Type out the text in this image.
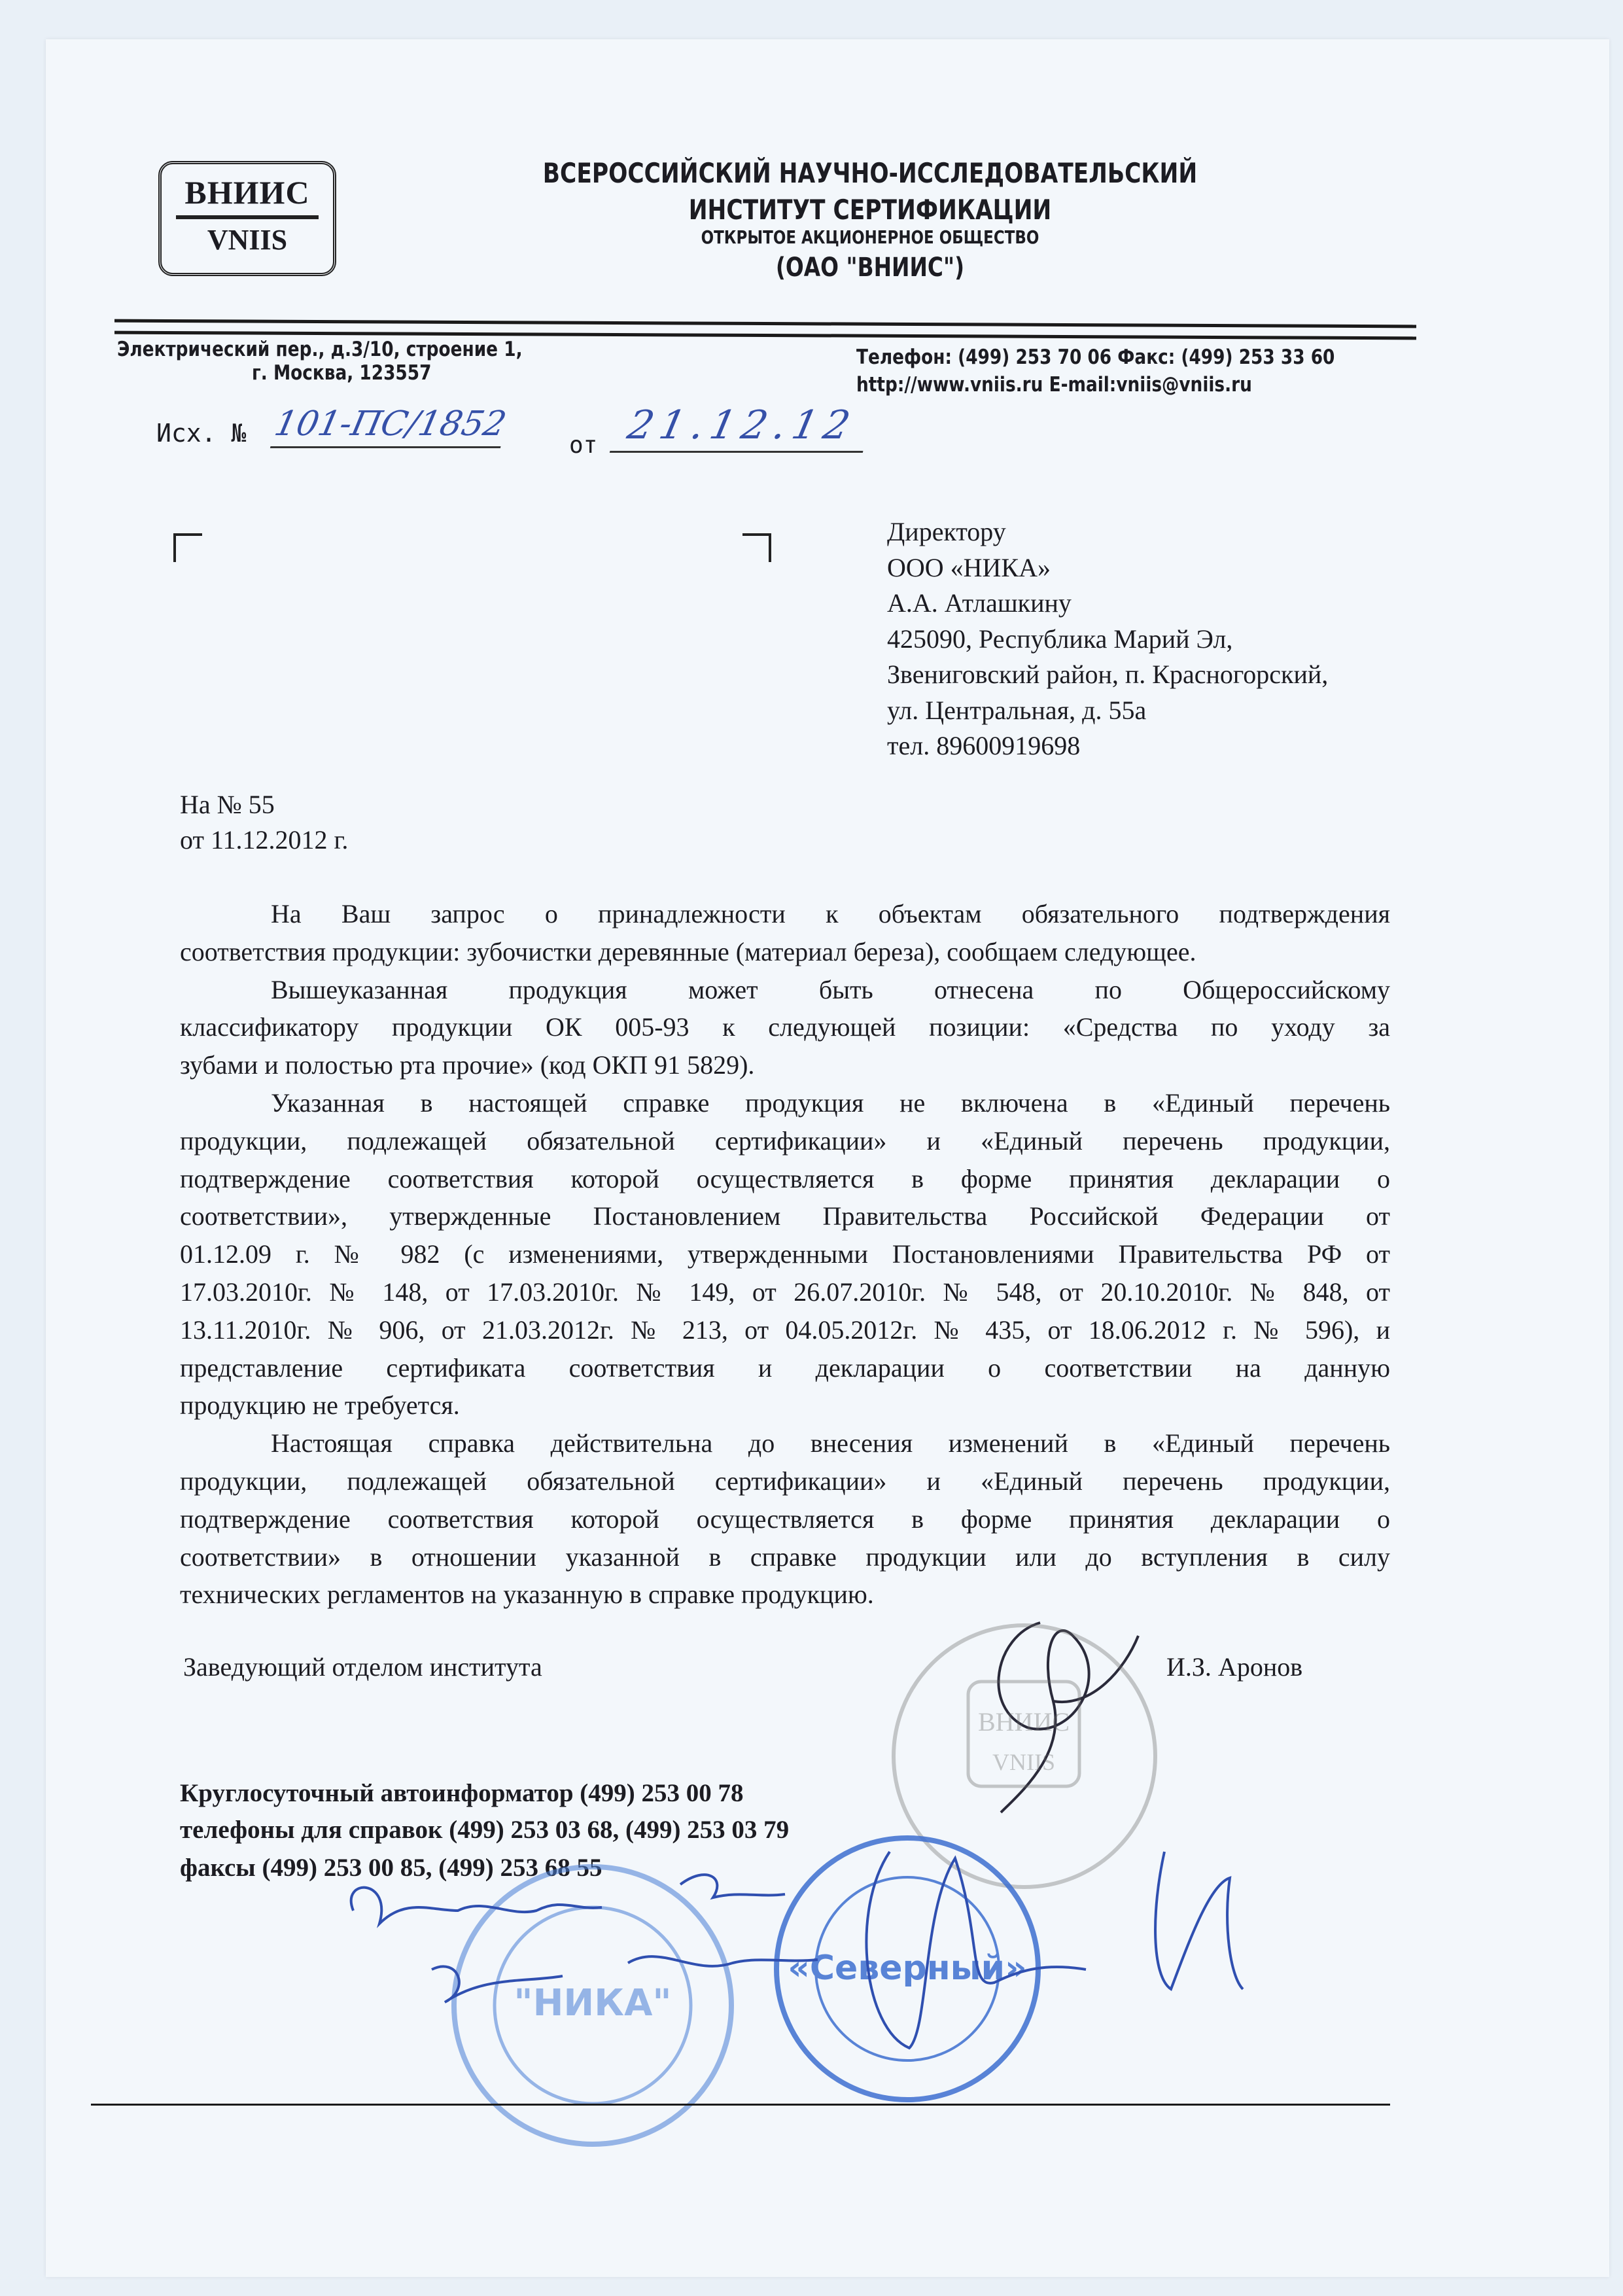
ВНИИС
VNIIS
ВСЕРОССИЙСКИЙ НАУЧНО-ИССЛЕДОВАТЕЛЬСКИЙ
ИНСТИТУТ СЕРТИФИКАЦИИ
ОТКРЫТОЕ АКЦИОНЕРНОЕ ОБЩЕСТВО
(ОАО "ВНИИС")
Электрический пер., д.3/10, строение 1,
г. Москва, 123557
Телефон: (499) 253 70 06 Факс: (499) 253 33 60
http://www.vniis.ru E-mail:vniis@vniis.ru
Исх. № 101-ПС/1852
от 21.12.12
Директору
ООО «НИКА»
А.А. Атлашкину
425090, Республика Марий Эл,
Звениговский район, п. Красногорский,
ул. Центральная, д. 55а
тел. 89600919698
На № 55
от 11.12.2012 г.
На Ваш запрос о принадлежности к объектам обязательного подтверждения
соответствия продукции: зубочистки деревянные (материал береза), сообщаем следующее.
Вышеуказанная продукция может быть отнесена по Общероссийскому
классификатору продукции ОК 005-93 к следующей позиции: «Средства по уходу за
зубами и полостью рта прочие» (код ОКП 91 5829).
Указанная в настоящей справке продукция не включена в «Единый перечень
продукции, подлежащей обязательной сертификации» и «Единый перечень продукции,
подтверждение соответствия которой осуществляется в форме принятия декларации о
соответствии», утвержденные Постановлением Правительства Российской Федерации от
01.12.09 г. № 982 (с изменениями, утвержденными Постановлениями Правительства РФ от
17.03.2010г. № 148, от 17.03.2010г. № 149, от 26.07.2010г. № 548, от 20.10.2010г. № 848, от
13.11.2010г. № 906, от 21.03.2012г. № 213, от 04.05.2012г. № 435, от 18.06.2012 г. № 596), и
представление сертификата соответствия и декларации о соответствии на данную
продукцию не требуется.
Настоящая справка действительна до внесения изменений в «Единый перечень
продукции, подлежащей обязательной сертификации» и «Единый перечень продукции,
подтверждение соответствия которой осуществляется в форме принятия декларации о
соответствии» в отношении указанной в справке продукции или до вступления в силу
технических регламентов на указанную в справке продукцию.
Заведующий отделом института	И.З. Аронов
Круглосуточный автоинформатор (499) 253 00 78
телефоны для справок (499) 253 03 68, (499) 253 03 79
факсы (499) 253 00 85, (499) 253 68 55
ВНИИС
VNIIS
"НИКА"
«Северный»
